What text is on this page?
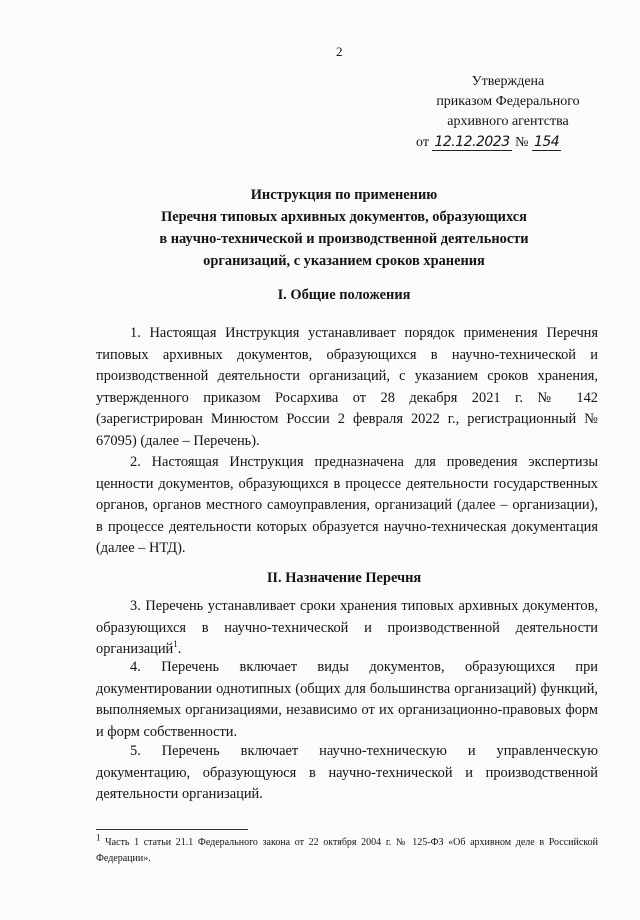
2
Утверждена
приказом Федерального
архивного агентства
от 12.12.2023 № 154
Инструкция по применению
Перечня типовых архивных документов, образующихся
в научно-технической и производственной деятельности
организаций, с указанием сроков хранения
I. Общие положения

1. Настоящая Инструкция устанавливает порядок применения Перечня типовых архивных документов, образующихся в научно-технической и производственной деятельности организаций, с указанием сроков хранения, утвержденного приказом Росархива от 28 декабря 2021 г. № 142 (зарегистрирован Минюстом России 2 февраля 2022 г., регистрационный № 67095) (далее – Перечень).

2. Настоящая Инструкция предназначена для проведения экспертизы ценности документов, образующихся в процессе деятельности государственных органов, органов местного самоуправления, организаций (далее – организации), в процессе деятельности которых образуется научно-техническая документация (далее – НТД).

II. Назначение Перечня

3. Перечень устанавливает сроки хранения типовых архивных документов, образующихся в научно-технической и производственной деятельности организаций$^1$.

4. Перечень включает виды документов, образующихся при документировании однотипных (общих для большинства организаций) функций, выполняемых организациями, независимо от их организационно-правовых форм и форм собственности.

5. Перечень включает научно-техническую и управленческую документацию, образующуюся в научно-технической и производственной деятельности организаций.

$^1$ Часть 1 статьи 21.1 Федерального закона от 22 октября 2004 г. № 125-ФЗ «Об архивном деле в Российской Федерации».
